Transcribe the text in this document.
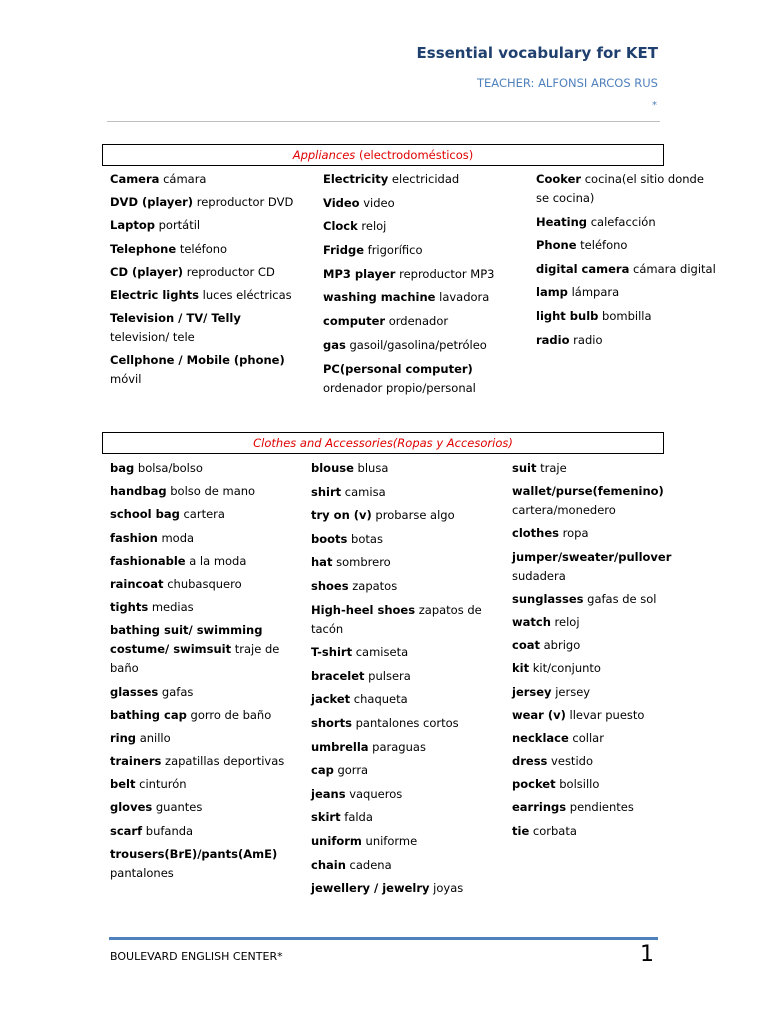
Essential vocabulary for KET
TEACHER: ALFONSI ARCOS RUS
*
Appliances (electrodomésticos)
Camera cámara
DVD (player) reproductor DVD
Laptop portátil
Telephone teléfono
CD (player) reproductor CD
Electric lights luces eléctricas
Television / TV/ Telly television/ tele
Cellphone / Mobile (phone) móvil
Electricity electricidad
Video video
Clock reloj
Fridge frigorífico
MP3 player reproductor MP3
washing machine lavadora
computer ordenador
gas gasoil/gasolina/petróleo
PC(personal computer) ordenador propio/personal
Cooker cocina(el sitio donde se cocina)
Heating calefacción
Phone teléfono
digital camera cámara digital
lamp lámpara
light bulb bombilla
radio radio
Clothes and Accessories(Ropas y Accesorios)
bag bolsa/bolso
handbag bolso de mano
school bag cartera
fashion moda
fashionable a la moda
raincoat chubasquero
tights medias
bathing suit/ swimming costume/ swimsuit traje de baño
glasses gafas
bathing cap gorro de baño
ring anillo
trainers zapatillas deportivas
belt cinturón
gloves guantes
scarf bufanda
trousers(BrE)/pants(AmE) pantalones
blouse blusa
shirt camisa
try on (v) probarse algo
boots botas
hat sombrero
shoes zapatos
High-heel shoes zapatos de tacón
T-shirt camiseta
bracelet pulsera
jacket chaqueta
shorts pantalones cortos
umbrella paraguas
cap gorra
jeans vaqueros
skirt falda
uniform uniforme
chain cadena
jewellery / jewelry joyas
suit traje
wallet/purse(femenino) cartera/monedero
clothes ropa
jumper/sweater/pullover sudadera
sunglasses gafas de sol
watch reloj
coat abrigo
kit kit/conjunto
jersey jersey
wear (v) llevar puesto
necklace collar
dress vestido
pocket bolsillo
earrings pendientes
tie corbata
BOULEVARD ENGLISH CENTER*	1
